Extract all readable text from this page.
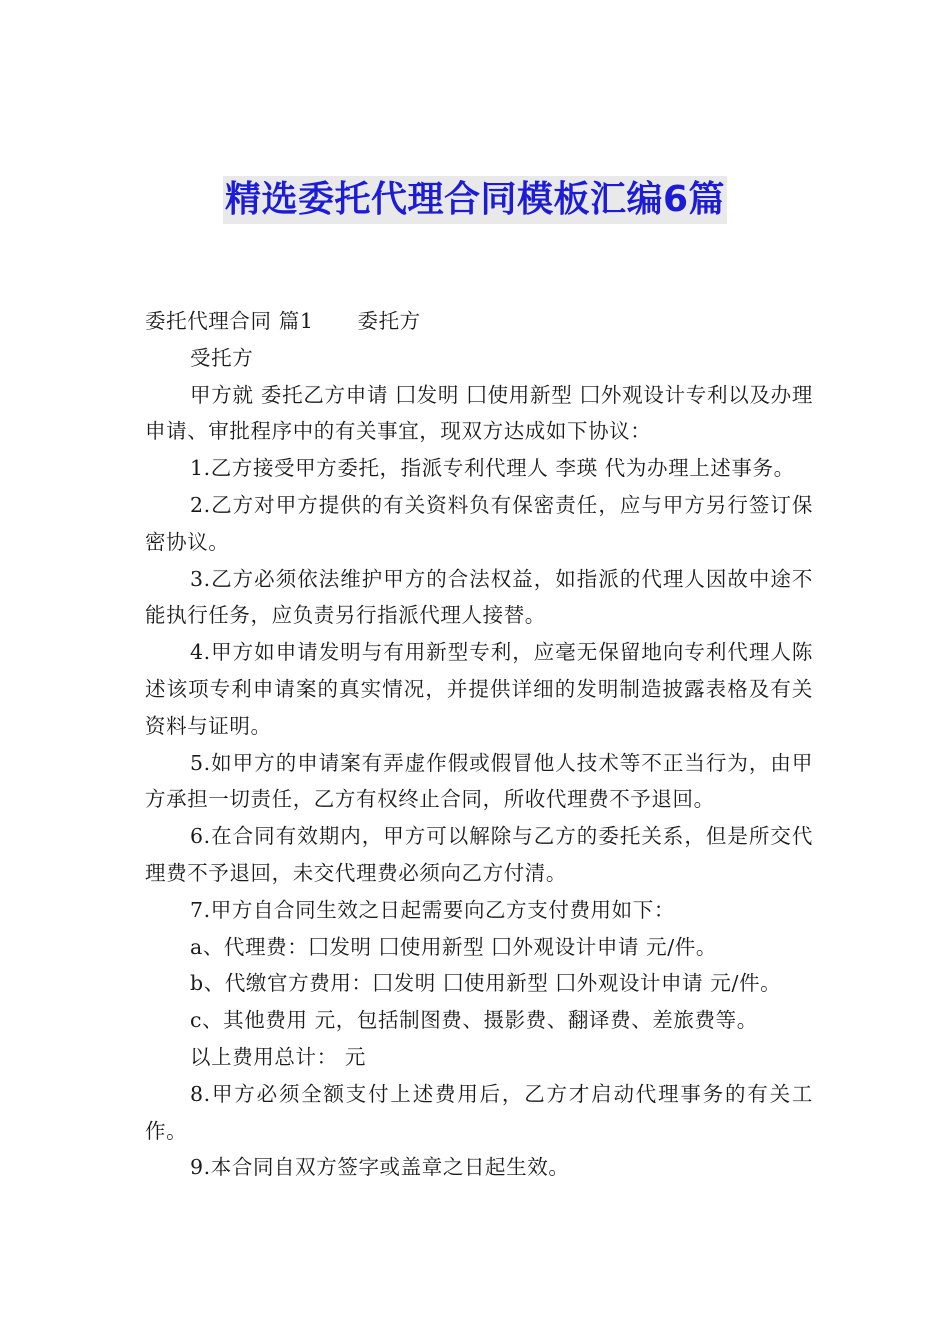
精选委托代理合同模板汇编6篇

委托代理合同 篇1 委托方

受托方

甲方就 委托乙方申请 囗发明 囗使用新型 囗外观设计专利以及办理申请、审批程序中的有关事宜，现双方达成如下协议：

1.乙方接受甲方委托，指派专利代理人 李瑛 代为办理上述事务。

2.乙方对甲方提供的有关资料负有保密责任，应与甲方另行签订保密协议。

3.乙方必须依法维护甲方的合法权益，如指派的代理人因故中途不能执行任务，应负责另行指派代理人接替。

4.甲方如申请发明与有用新型专利，应毫无保留地向专利代理人陈述该项专利申请案的真实情况，并提供详细的发明制造披露表格及有关资料与证明。

5.如甲方的申请案有弄虚作假或假冒他人技术等不正当行为，由甲方承担一切责任，乙方有权终止合同，所收代理费不予退回。

6.在合同有效期内，甲方可以解除与乙方的委托关系，但是所交代理费不予退回，未交代理费必须向乙方付清。

7.甲方自合同生效之日起需要向乙方支付费用如下：

a、代理费：囗发明 囗使用新型 囗外观设计申请 元/件。

b、代缴官方费用：囗发明 囗使用新型 囗外观设计申请 元/件。

c、其他费用 元，包括制图费、摄影费、翻译费、差旅费等。

以上费用总计： 元

8.甲方必须全额支付上述费用后，乙方才启动代理事务的有关工作。

9.本合同自双方签字或盖章之日起生效。
